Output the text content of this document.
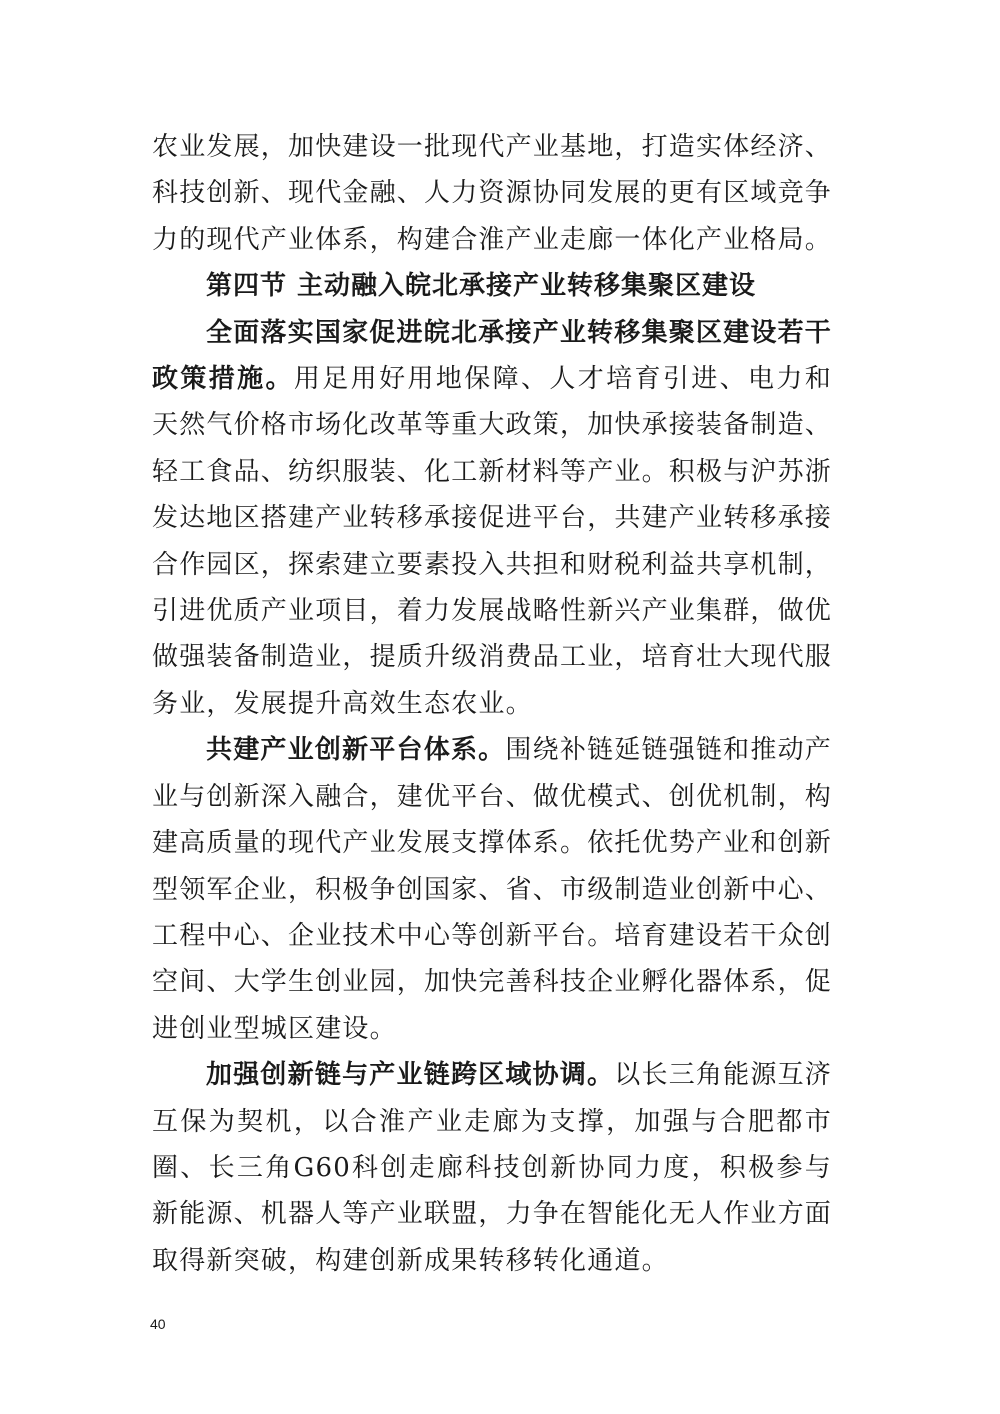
农业发展，加快建设一批现代产业基地，打造实体经济、科技创新、现代金融、人力资源协同发展的更有区域竞争力的现代产业体系，构建合淮产业走廊一体化产业格局。

第四节 主动融入皖北承接产业转移集聚区建设

全面落实国家促进皖北承接产业转移集聚区建设若干政策措施。用足用好用地保障、人才培育引进、电力和天然气价格市场化改革等重大政策，加快承接装备制造、轻工食品、纺织服装、化工新材料等产业。积极与沪苏浙发达地区搭建产业转移承接促进平台，共建产业转移承接合作园区，探索建立要素投入共担和财税利益共享机制，引进优质产业项目，着力发展战略性新兴产业集群，做优做强装备制造业，提质升级消费品工业，培育壮大现代服务业，发展提升高效生态农业。

共建产业创新平台体系。围绕补链延链强链和推动产业与创新深入融合，建优平台、做优模式、创优机制，构建高质量的现代产业发展支撑体系。依托优势产业和创新型领军企业，积极争创国家、省、市级制造业创新中心、工程中心、企业技术中心等创新平台。培育建设若干众创空间、大学生创业园，加快完善科技企业孵化器体系，促进创业型城区建设。

加强创新链与产业链跨区域协调。以长三角能源互济互保为契机，以合淮产业走廊为支撑，加强与合肥都市圈、长三角G60科创走廊科技创新协同力度，积极参与新能源、机器人等产业联盟，力争在智能化无人作业方面取得新突破，构建创新成果转移转化通道。

40
